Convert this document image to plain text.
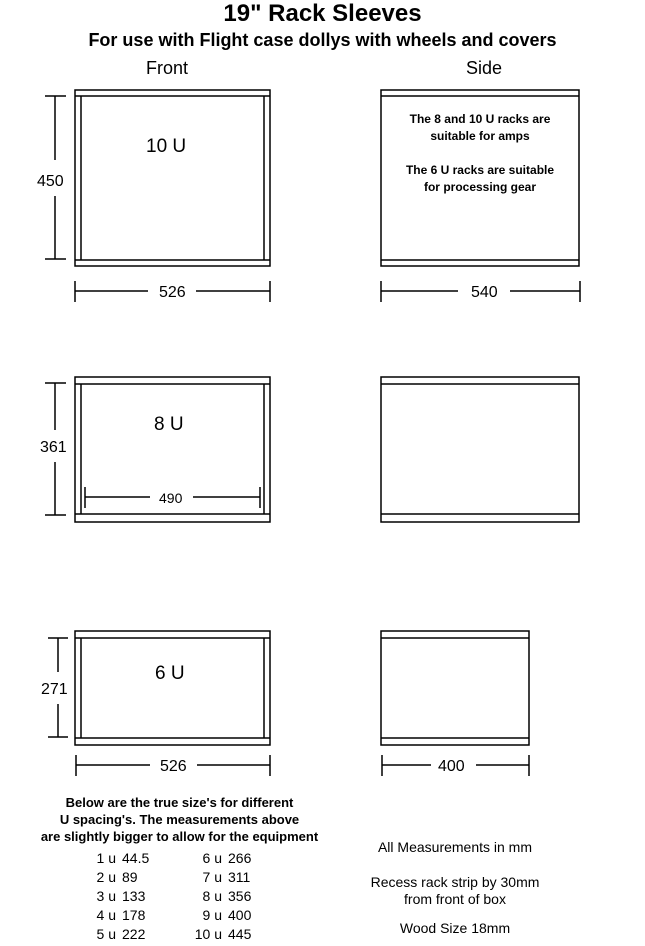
19" Rack Sleeves
For use with Flight case dollys with wheels and covers
Front	Side
10 U
450
526	540
8 U
490
361
6 U
271
526	400
The 8 and 10 U racks are
suitable for amps
The 6 U racks are suitable
for processing gear
Below are the true size's for different
U spacing's. The measurements above
are slightly bigger to allow for the equipment
1 u	44.5	6 u	266
2 u	89	7 u	311
3 u	133	8 u	356
4 u	178	9 u	400
5 u	222	10 u	445
All Measurements in mm
Recess rack strip by 30mm
from front of box
Wood Size 18mm
